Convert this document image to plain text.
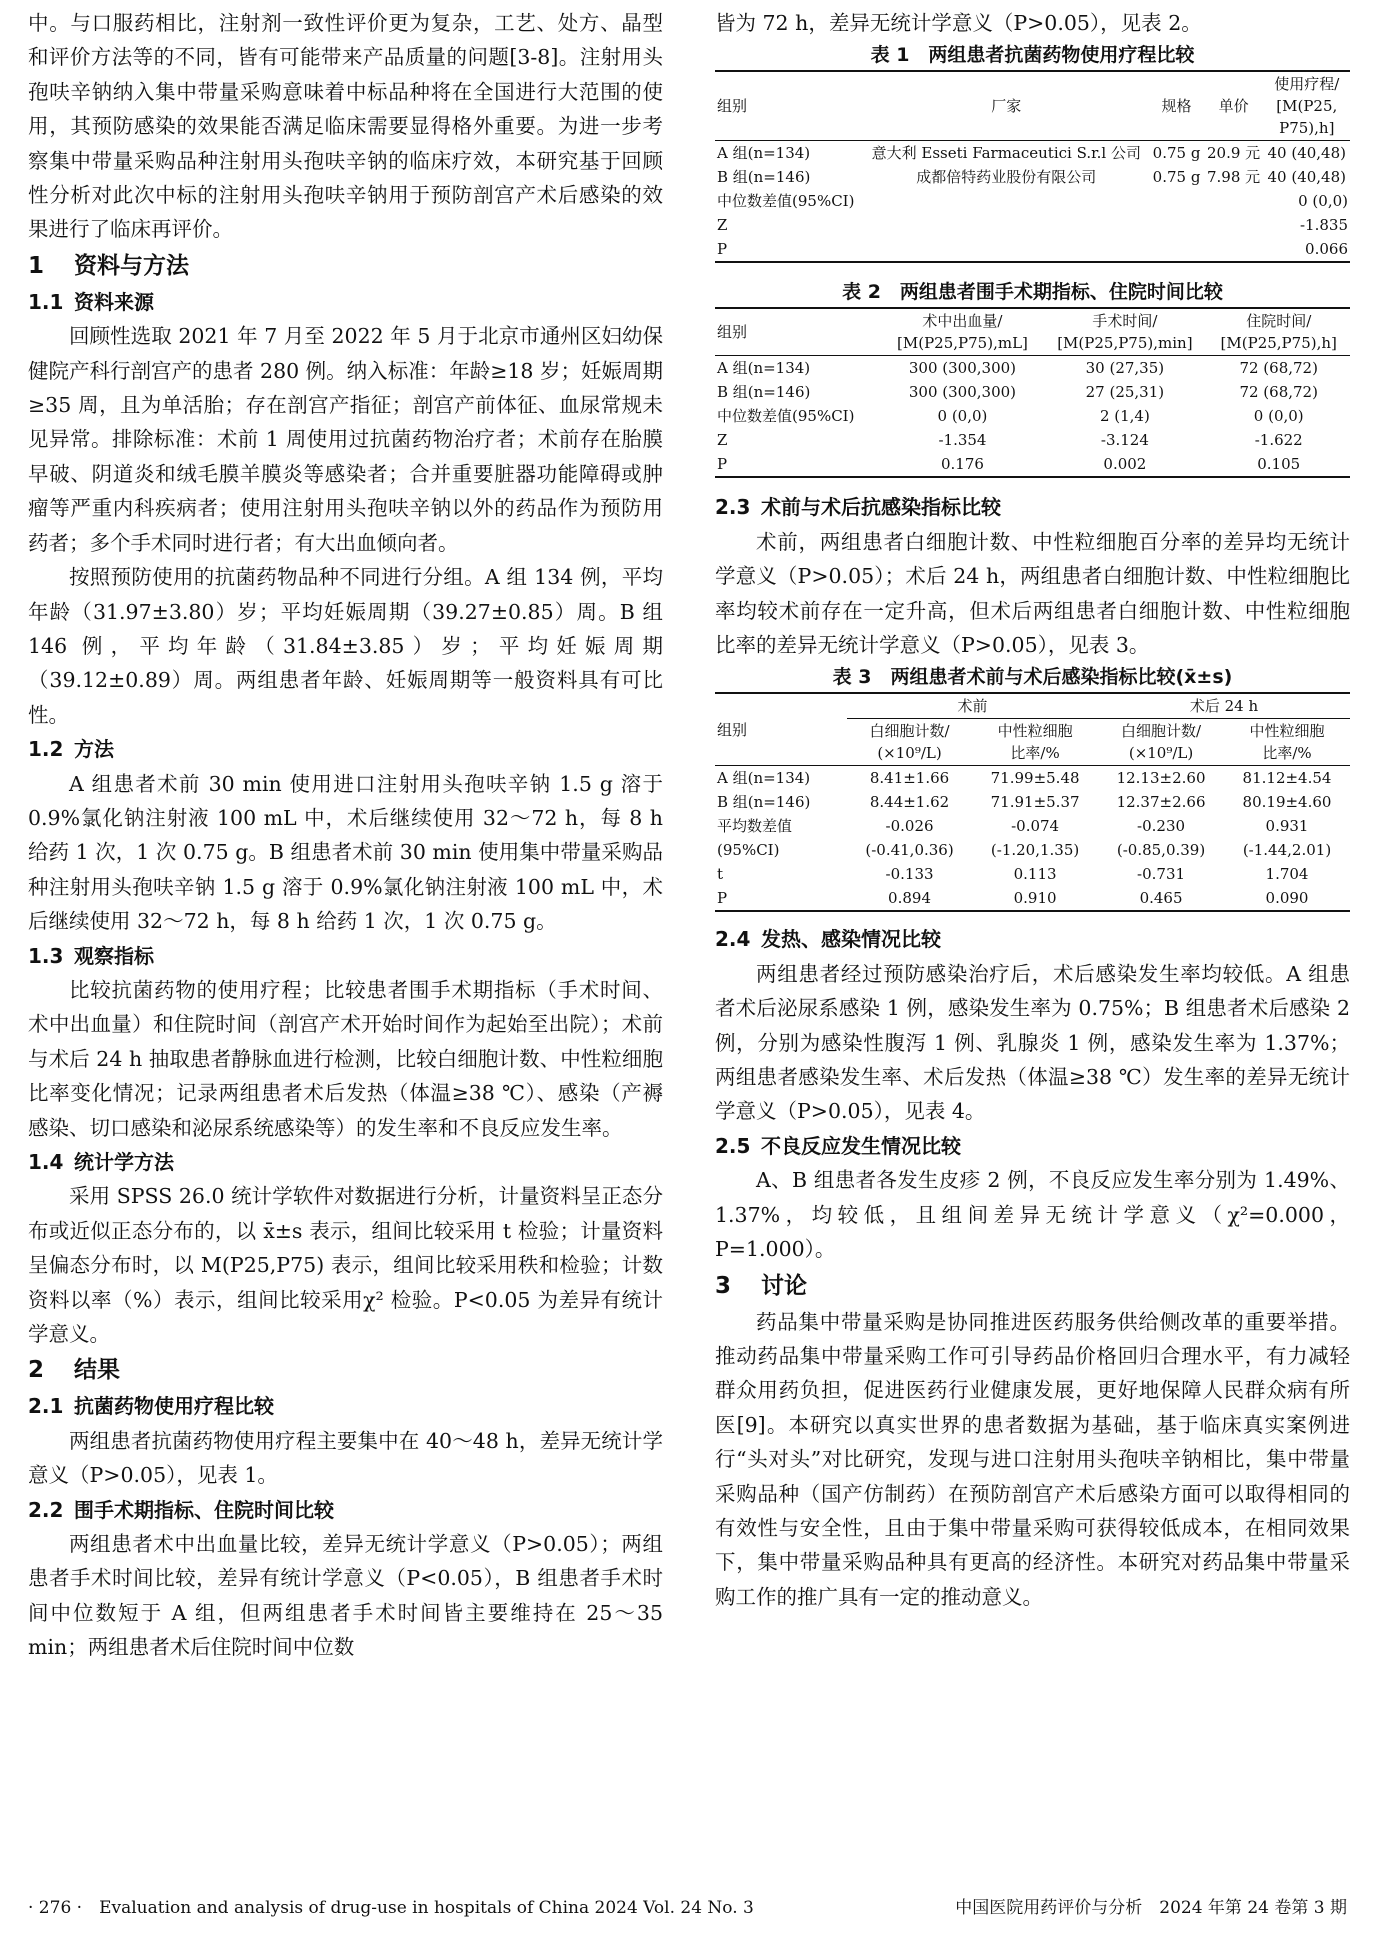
中。与口服药相比，注射剂一致性评价更为复杂，工艺、处方、晶型和评价方法等的不同，皆有可能带来产品质量的问题[3-8]。注射用头孢呋辛钠纳入集中带量采购意味着中标品种将在全国进行大范围的使用，其预防感染的效果能否满足临床需要显得格外重要。为进一步考察集中带量采购品种注射用头孢呋辛钠的临床疗效，本研究基于回顾性分析对此次中标的注射用头孢呋辛钠用于预防剖宫产术后感染的效果进行了临床再评价。

1 资料与方法

1.1 资料来源

回顾性选取 2021 年 7 月至 2022 年 5 月于北京市通州区妇幼保健院产科行剖宫产的患者 280 例。纳入标准：年龄≥18 岁；妊娠周期≥35 周，且为单活胎；存在剖宫产指征；剖宫产前体征、血尿常规未见异常。排除标准：术前 1 周使用过抗菌药物治疗者；术前存在胎膜早破、阴道炎和绒毛膜羊膜炎等感染者；合并重要脏器功能障碍或肿瘤等严重内科疾病者；使用注射用头孢呋辛钠以外的药品作为预防用药者；多个手术同时进行者；有大出血倾向者。

按照预防使用的抗菌药物品种不同进行分组。A 组 134 例，平均年龄（31.97±3.80）岁；平均妊娠周期（39.27±0.85）周。B 组 146 例，平均年龄（31.84±3.85）岁；平均妊娠周期（39.12±0.89）周。两组患者年龄、妊娠周期等一般资料具有可比性。

1.2 方法

A 组患者术前 30 min 使用进口注射用头孢呋辛钠 1.5 g 溶于 0.9%氯化钠注射液 100 mL 中，术后继续使用 32～72 h，每 8 h 给药 1 次，1 次 0.75 g。B 组患者术前 30 min 使用集中带量采购品种注射用头孢呋辛钠 1.5 g 溶于 0.9%氯化钠注射液 100 mL 中，术后继续使用 32～72 h，每 8 h 给药 1 次，1 次 0.75 g。

1.3 观察指标

比较抗菌药物的使用疗程；比较患者围手术期指标（手术时间、术中出血量）和住院时间（剖宫产术开始时间作为起始至出院）；术前与术后 24 h 抽取患者静脉血进行检测，比较白细胞计数、中性粒细胞比率变化情况；记录两组患者术后发热（体温≥38 ℃）、感染（产褥感染、切口感染和泌尿系统感染等）的发生率和不良反应发生率。

1.4 统计学方法

采用 SPSS 26.0 统计学软件对数据进行分析，计量资料呈正态分布或近似正态分布的，以 x̄±s 表示，组间比较采用 t 检验；计量资料呈偏态分布时，以 M(P25,P75) 表示，组间比较采用秩和检验；计数资料以率（%）表示，组间比较采用χ² 检验。P<0.05 为差异有统计学意义。

2 结果

2.1 抗菌药物使用疗程比较

两组患者抗菌药物使用疗程主要集中在 40～48 h，差异无统计学意义（P>0.05），见表 1。

2.2 围手术期指标、住院时间比较

两组患者术中出血量比较，差异无统计学意义（P>0.05）；两组患者手术时间比较，差异有统计学意义（P<0.05），B 组患者手术时间中位数短于 A 组，但两组患者手术时间皆主要维持在 25～35 min；两组患者术后住院时间中位数

皆为 72 h，差异无统计学意义（P>0.05），见表 2。

表 1　两组患者抗菌药物使用疗程比较

组别	厂家	规格	单价	使用疗程/
[M(P25,
P75),h]
A 组(n=134)	意大利 Esseti Farmaceutici S.r.l 公司	0.75 g	20.9 元	40 (40,48)
B 组(n=146)	成都倍特药业股份有限公司	0.75 g	7.98 元	40 (40,48)
中位数差值(95%CI)				0 (0,0)
Z				-1.835
P				0.066

表 2　两组患者围手术期指标、住院时间比较

组别	术中出血量/
[M(P25,P75),mL]	手术时间/
[M(P25,P75),min]	住院时间/
[M(P25,P75),h]
A 组(n=134)	300 (300,300)	30 (27,35)	72 (68,72)
B 组(n=146)	300 (300,300)	27 (25,31)	72 (68,72)
中位数差值(95%CI)	0 (0,0)	2 (1,4)	0 (0,0)
Z	-1.354	-3.124	-1.622
P	0.176	0.002	0.105

2.3 术前与术后抗感染指标比较

术前，两组患者白细胞计数、中性粒细胞百分率的差异均无统计学意义（P>0.05）；术后 24 h，两组患者白细胞计数、中性粒细胞比率均较术前存在一定升高，但术后两组患者白细胞计数、中性粒细胞比率的差异无统计学意义（P>0.05），见表 3。

表 3　两组患者术前与术后感染指标比较(x̄±s)

组别	术前		术后 24 h	
	白细胞计数/
(×10⁹/L)	中性粒细胞
比率/%	白细胞计数/
(×10⁹/L)	中性粒细胞
比率/%
A 组(n=134)	8.41±1.66	71.99±5.48	12.13±2.60	81.12±4.54
B 组(n=146)	8.44±1.62	71.91±5.37	12.37±2.66	80.19±4.60
平均数差值	-0.026	-0.074	-0.230	0.931
(95%CI)	(-0.41,0.36)	(-1.20,1.35)	(-0.85,0.39)	(-1.44,2.01)
t	-0.133	0.113	-0.731	1.704
P	0.894	0.910	0.465	0.090

2.4 发热、感染情况比较

两组患者经过预防感染治疗后，术后感染发生率均较低。A 组患者术后泌尿系感染 1 例，感染发生率为 0.75%；B 组患者术后感染 2 例，分别为感染性腹泻 1 例、乳腺炎 1 例，感染发生率为 1.37%；两组患者感染发生率、术后发热（体温≥38 ℃）发生率的差异无统计学意义（P>0.05），见表 4。

2.5 不良反应发生情况比较

A、B 组患者各发生皮疹 2 例，不良反应发生率分别为 1.49%、1.37%，均较低，且组间差异无统计学意义（χ²=0.000，P=1.000）。

3 讨论

药品集中带量采购是协同推进医药服务供给侧改革的重要举措。推动药品集中带量采购工作可引导药品价格回归合理水平，有力减轻群众用药负担，促进医药行业健康发展，更好地保障人民群众病有所医[9]。本研究以真实世界的患者数据为基础，基于临床真实案例进行“头对头”对比研究，发现与进口注射用头孢呋辛钠相比，集中带量采购品种（国产仿制药）在预防剖宫产术后感染方面可以取得相同的有效性与安全性，且由于集中带量采购可获得较低成本，在相同效果下，集中带量采购品种具有更高的经济性。本研究对药品集中带量采购工作的推广具有一定的推动意义。

· 276 ·　Evaluation and analysis of drug-use in hospitals of China 2024 Vol. 24 No. 3	中国医院用药评价与分析　2024 年第 24 卷第 3 期
